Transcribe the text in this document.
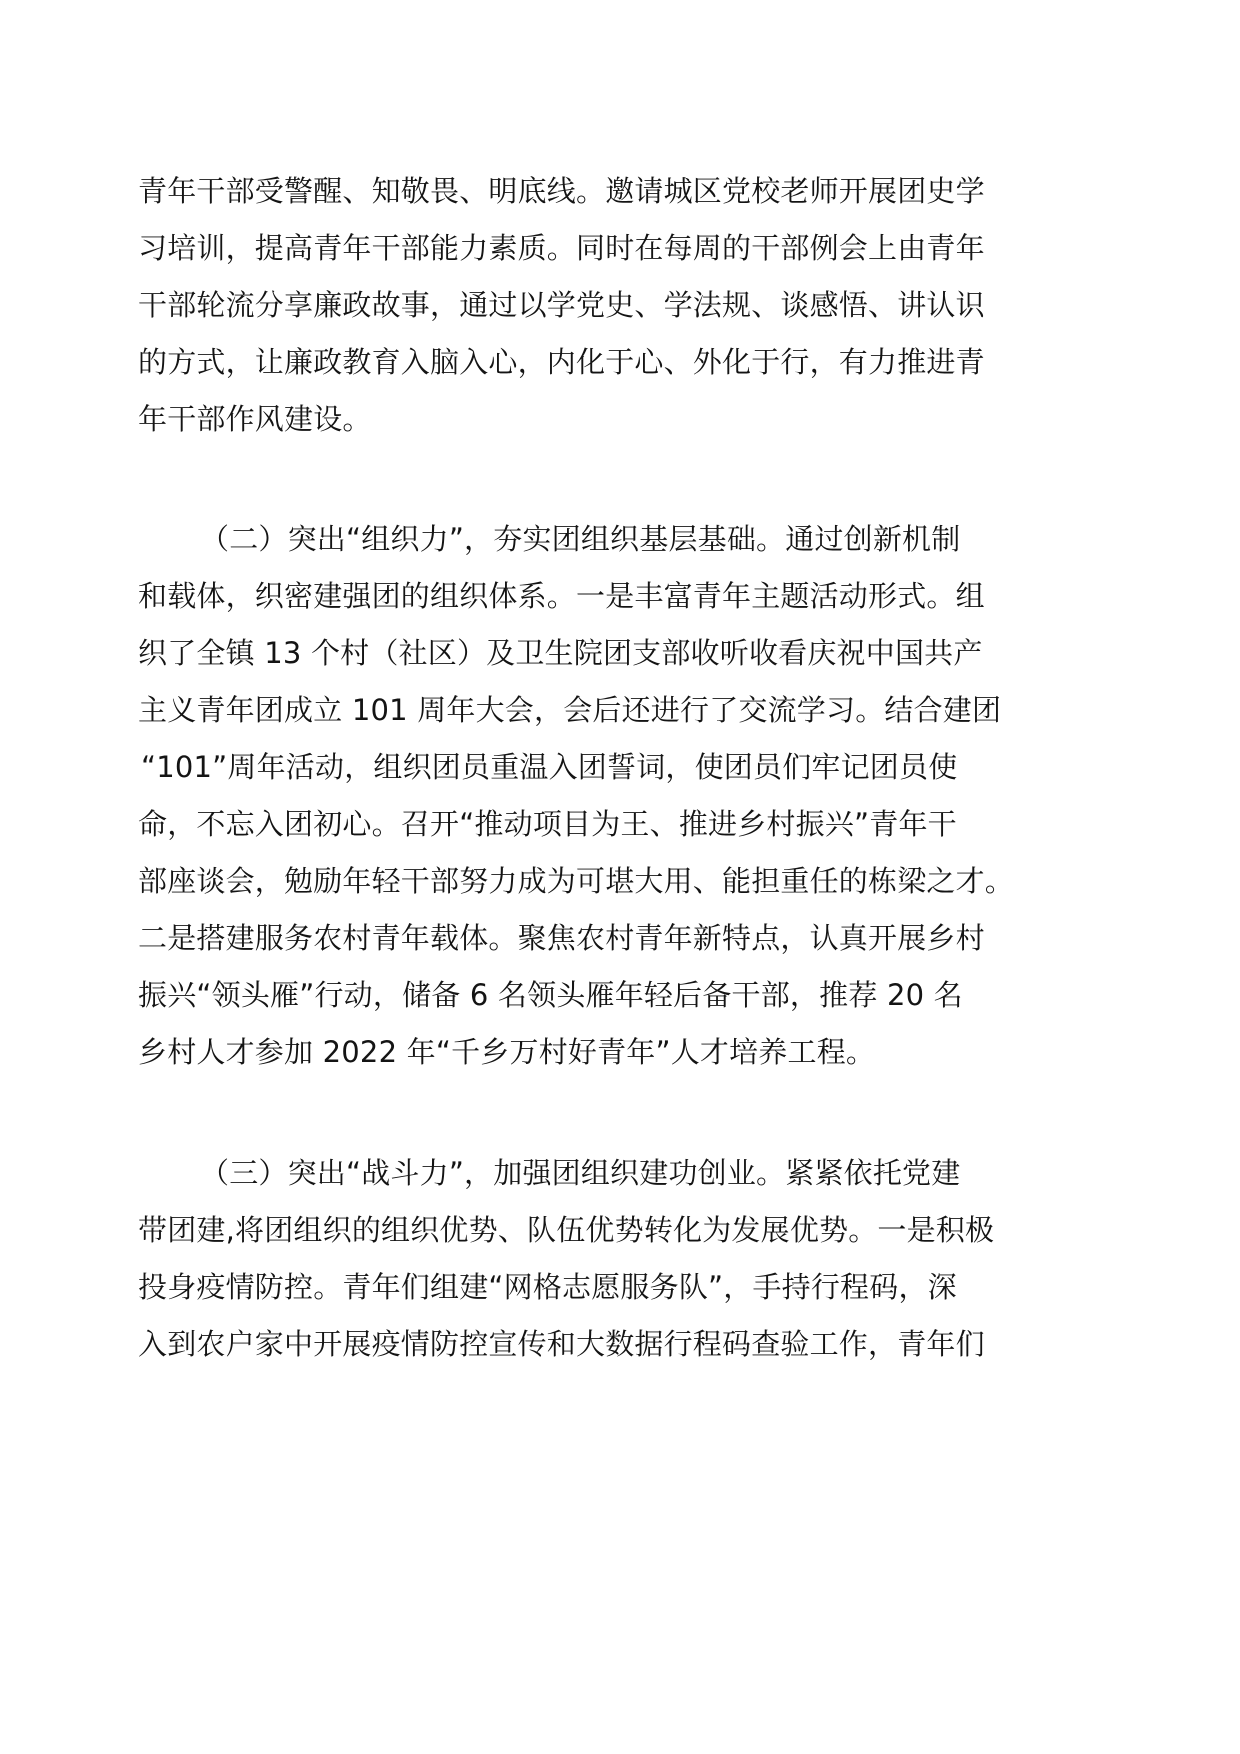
青年干部受警醒、知敬畏、明底线。邀请城区党校老师开展团史学
习培训，提高青年干部能力素质。同时在每周的干部例会上由青年
干部轮流分享廉政故事，通过以学党史、学法规、谈感悟、讲认识
的方式，让廉政教育入脑入心，内化于心、外化于行，有力推进青
年干部作风建设。
（二）突出“组织力”，夯实团组织基层基础。通过创新机制
和载体，织密建强团的组织体系。一是丰富青年主题活动形式。组
织了全镇 13 个村（社区）及卫生院团支部收听收看庆祝中国共产
主义青年团成立 101 周年大会，会后还进行了交流学习。结合建团
“101”周年活动，组织团员重温入团誓词，使团员们牢记团员使
命，不忘入团初心。召开“推动项目为王、推进乡村振兴”青年干
部座谈会，勉励年轻干部努力成为可堪大用、能担重任的栋梁之才。
二是搭建服务农村青年载体。聚焦农村青年新特点，认真开展乡村
振兴“领头雁”行动，储备 6 名领头雁年轻后备干部，推荐 20 名
乡村人才参加 2022 年“千乡万村好青年”人才培养工程。
（三）突出“战斗力”，加强团组织建功创业。紧紧依托党建
带团建,将团组织的组织优势、队伍优势转化为发展优势。一是积极
投身疫情防控。青年们组建“网格志愿服务队”，手持行程码，深
入到农户家中开展疫情防控宣传和大数据行程码查验工作，青年们
